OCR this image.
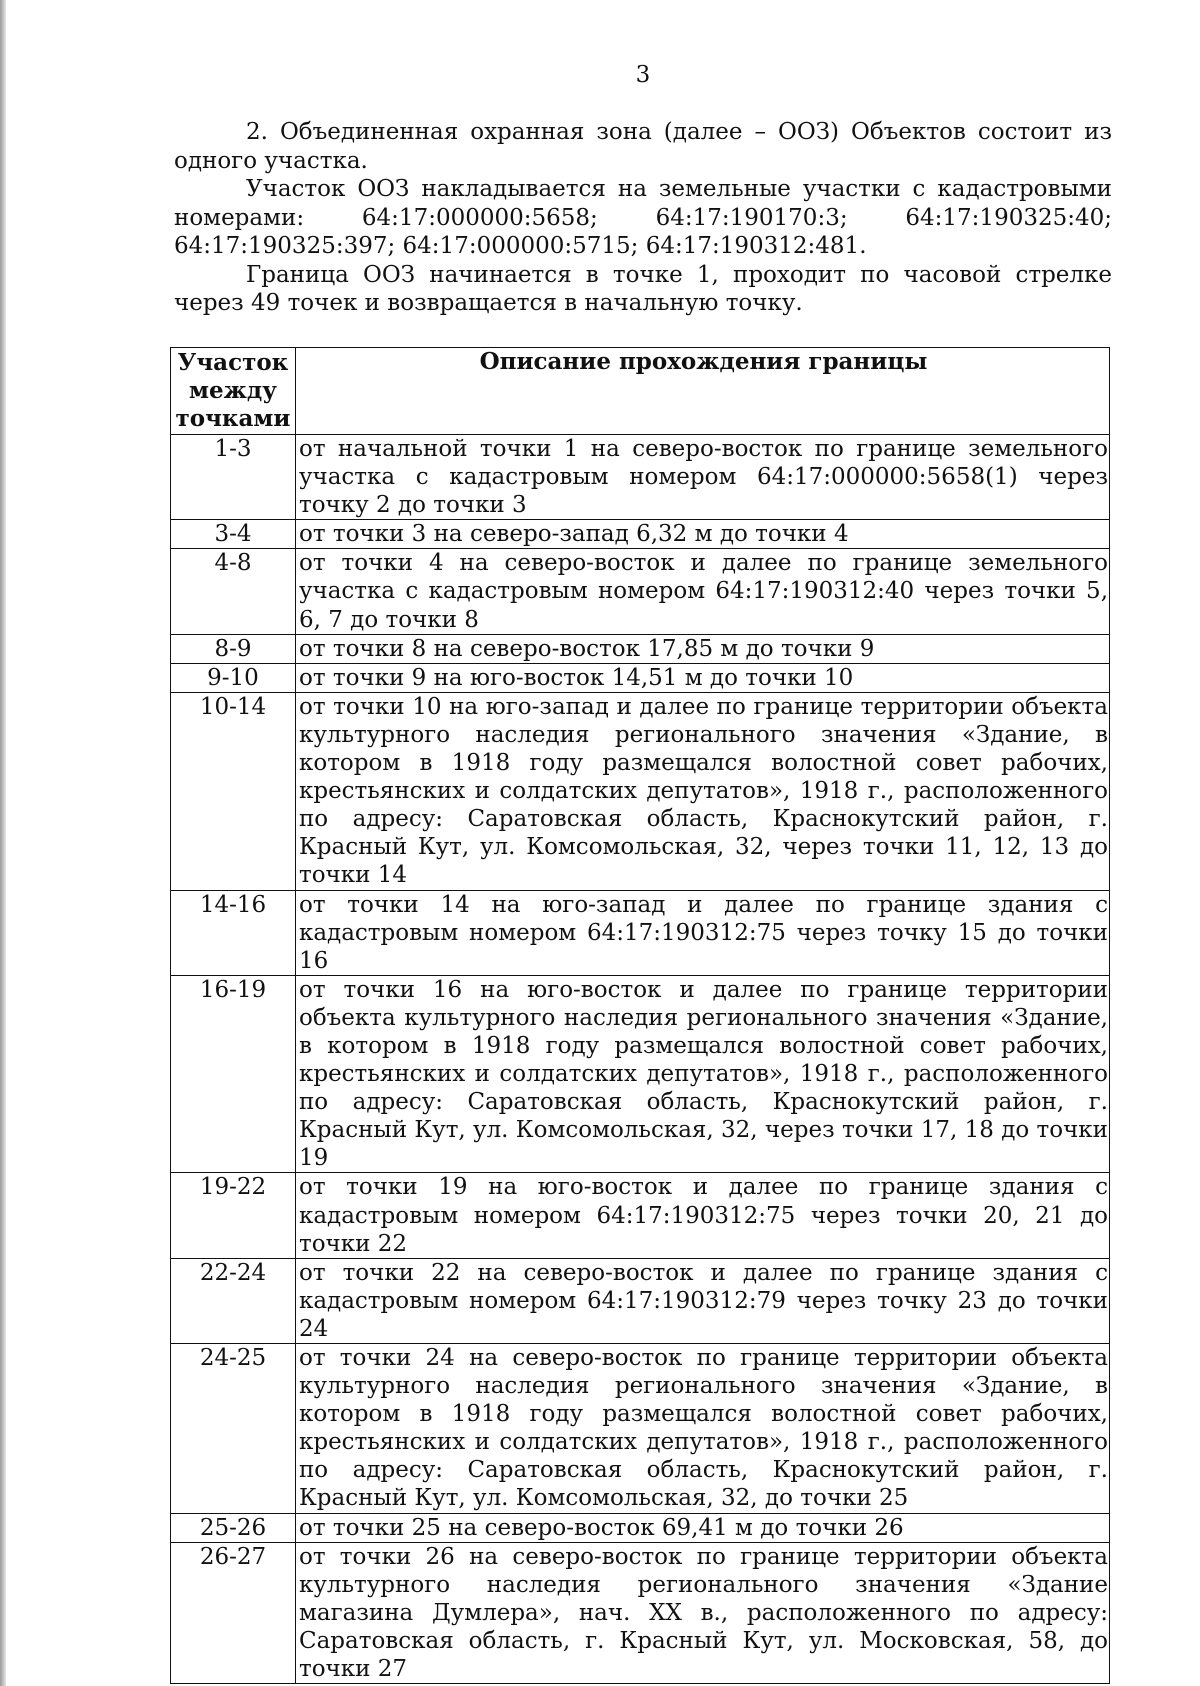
3

2. Объединенная охранная зона (далее – ООЗ) Объектов состоит из одного участка.

Участок ООЗ накладывается на земельные участки с кадастровыми номерами: 64:17:000000:5658; 64:17:190170:3; 64:17:190325:40; 64:17:190325:397; 64:17:000000:5715; 64:17:190312:481.

Граница ООЗ начинается в точке 1, проходит по часовой стрелке через 49 точек и возвращается в начальную точку.

Участок между точками	Описание прохождения границы
1-3	от начальной точки 1 на северо-восток по границе земельного участка с кадастровым номером 64:17:000000:5658(1) через точку 2 до точки 3
3-4	от точки 3 на северо-запад 6,32 м до точки 4
4-8	от точки 4 на северо-восток и далее по границе земельного участка с кадастровым номером 64:17:190312:40 через точки 5, 6, 7 до точки 8
8-9	от точки 8 на северо-восток 17,85 м до точки 9
9-10	от точки 9 на юго-восток 14,51 м до точки 10
10-14	от точки 10 на юго-запад и далее по границе территории объекта культурного наследия регионального значения «Здание, в котором в 1918 году размещался волостной совет рабочих, крестьянских и солдатских депутатов», 1918 г., расположенного по адресу: Саратовская область, Краснокутский район, г. Красный Кут, ул. Комсомольская, 32, через точки 11, 12, 13 до точки 14
14-16	от точки 14 на юго-запад и далее по границе здания с кадастровым номером 64:17:190312:75 через точку 15 до точки 16
16-19	от точки 16 на юго-восток и далее по границе территории объекта культурного наследия регионального значения «Здание, в котором в 1918 году размещался волостной совет рабочих, крестьянских и солдатских депутатов», 1918 г., расположенного по адресу: Саратовская область, Краснокутский район, г. Красный Кут, ул. Комсомольская, 32, через точки 17, 18 до точки 19
19-22	от точки 19 на юго-восток и далее по границе здания с кадастровым номером 64:17:190312:75 через точки 20, 21 до точки 22
22-24	от точки 22 на северо-восток и далее по границе здания с кадастровым номером 64:17:190312:79 через точку 23 до точки 24
24-25	от точки 24 на северо-восток по границе территории объекта культурного наследия регионального значения «Здание, в котором в 1918 году размещался волостной совет рабочих, крестьянских и солдатских депутатов», 1918 г., расположенного по адресу: Саратовская область, Краснокутский район, г. Красный Кут, ул. Комсомольская, 32, до точки 25
25-26	от точки 25 на северо-восток 69,41 м до точки 26
26-27	от точки 26 на северо-восток по границе территории объекта культурного наследия регионального значения «Здание магазина Думлера», нач. XX в., расположенного по адресу: Саратовская область, г. Красный Кут, ул. Московская, 58, до точки 27
